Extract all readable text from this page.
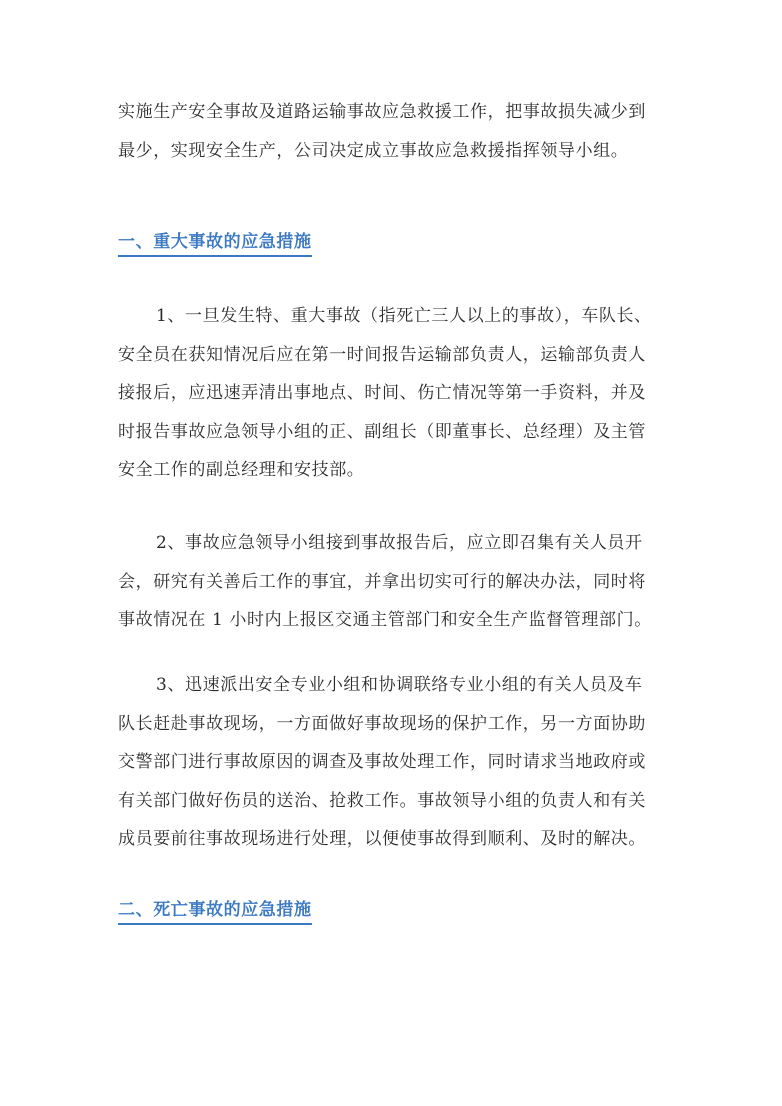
实施生产安全事故及道路运输事故应急救援工作，把事故损失减少到
最少，实现安全生产，公司决定成立事故应急救援指挥领导小组。
一、重大事故的应急措施
1、一旦发生特、重大事故（指死亡三人以上的事故），车队长、
安全员在获知情况后应在第一时间报告运输部负责人，运输部负责人
接报后，应迅速弄清出事地点、时间、伤亡情况等第一手资料，并及
时报告事故应急领导小组的正、副组长（即董事长、总经理）及主管
安全工作的副总经理和安技部。
2、事故应急领导小组接到事故报告后，应立即召集有关人员开
会，研究有关善后工作的事宜，并拿出切实可行的解决办法，同时将
事故情况在 1 小时内上报区交通主管部门和安全生产监督管理部门。
3、迅速派出安全专业小组和协调联络专业小组的有关人员及车
队长赶赴事故现场，一方面做好事故现场的保护工作，另一方面协助
交警部门进行事故原因的调查及事故处理工作，同时请求当地政府或
有关部门做好伤员的送治、抢救工作。事故领导小组的负责人和有关
成员要前往事故现场进行处理，以便使事故得到顺利、及时的解决。
二、死亡事故的应急措施
